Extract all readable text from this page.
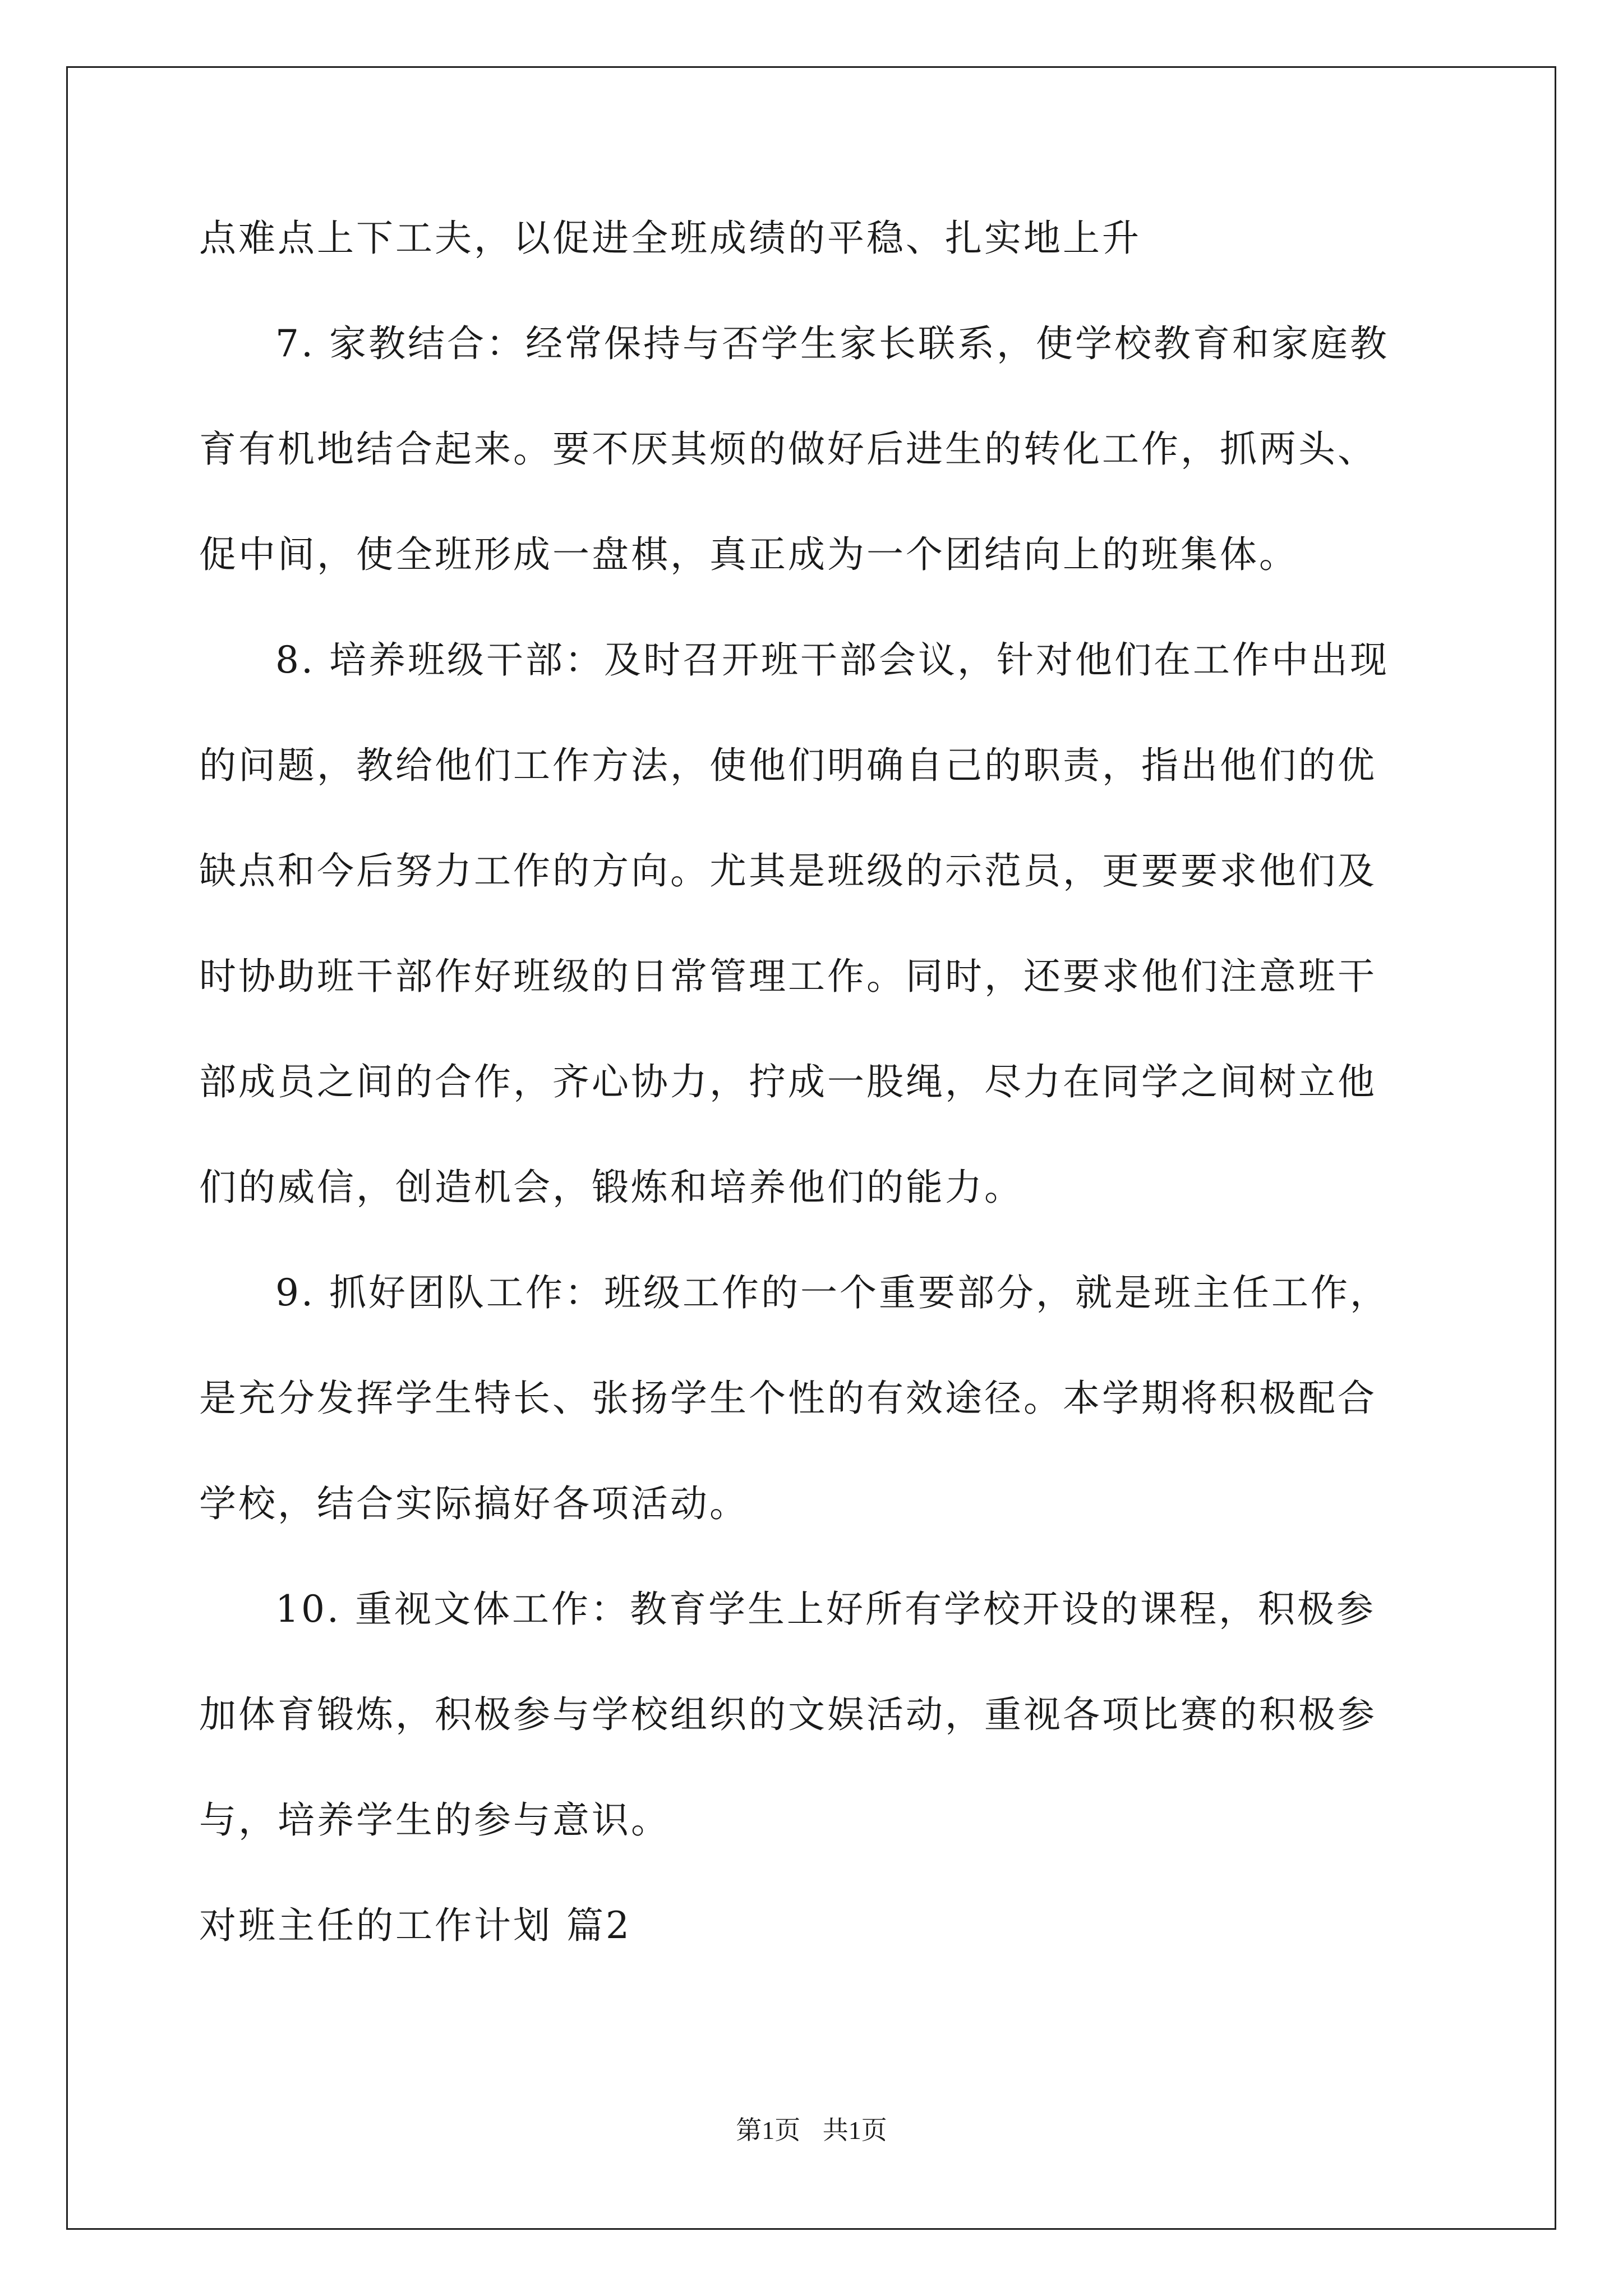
点难点上下工夫，以促进全班成绩的平稳、扎实地上升

7. 家教结合：经常保持与否学生家长联系，使学校教育和家庭教

育有机地结合起来。要不厌其烦的做好后进生的转化工作，抓两头、

促中间，使全班形成一盘棋，真正成为一个团结向上的班集体。

8. 培养班级干部：及时召开班干部会议，针对他们在工作中出现

的问题，教给他们工作方法，使他们明确自己的职责，指出他们的优

缺点和今后努力工作的方向。尤其是班级的示范员，更要要求他们及

时协助班干部作好班级的日常管理工作。同时，还要求他们注意班干

部成员之间的合作，齐心协力，拧成一股绳，尽力在同学之间树立他

们的威信，创造机会，锻炼和培养他们的能力。

9. 抓好团队工作：班级工作的一个重要部分，就是班主任工作，

是充分发挥学生特长、张扬学生个性的有效途径。本学期将积极配合

学校，结合实际搞好各项活动。

10. 重视文体工作：教育学生上好所有学校开设的课程，积极参

加体育锻炼，积极参与学校组织的文娱活动，重视各项比赛的积极参

与，培养学生的参与意识。

对班主任的工作计划 篇2

第1页 共1页
